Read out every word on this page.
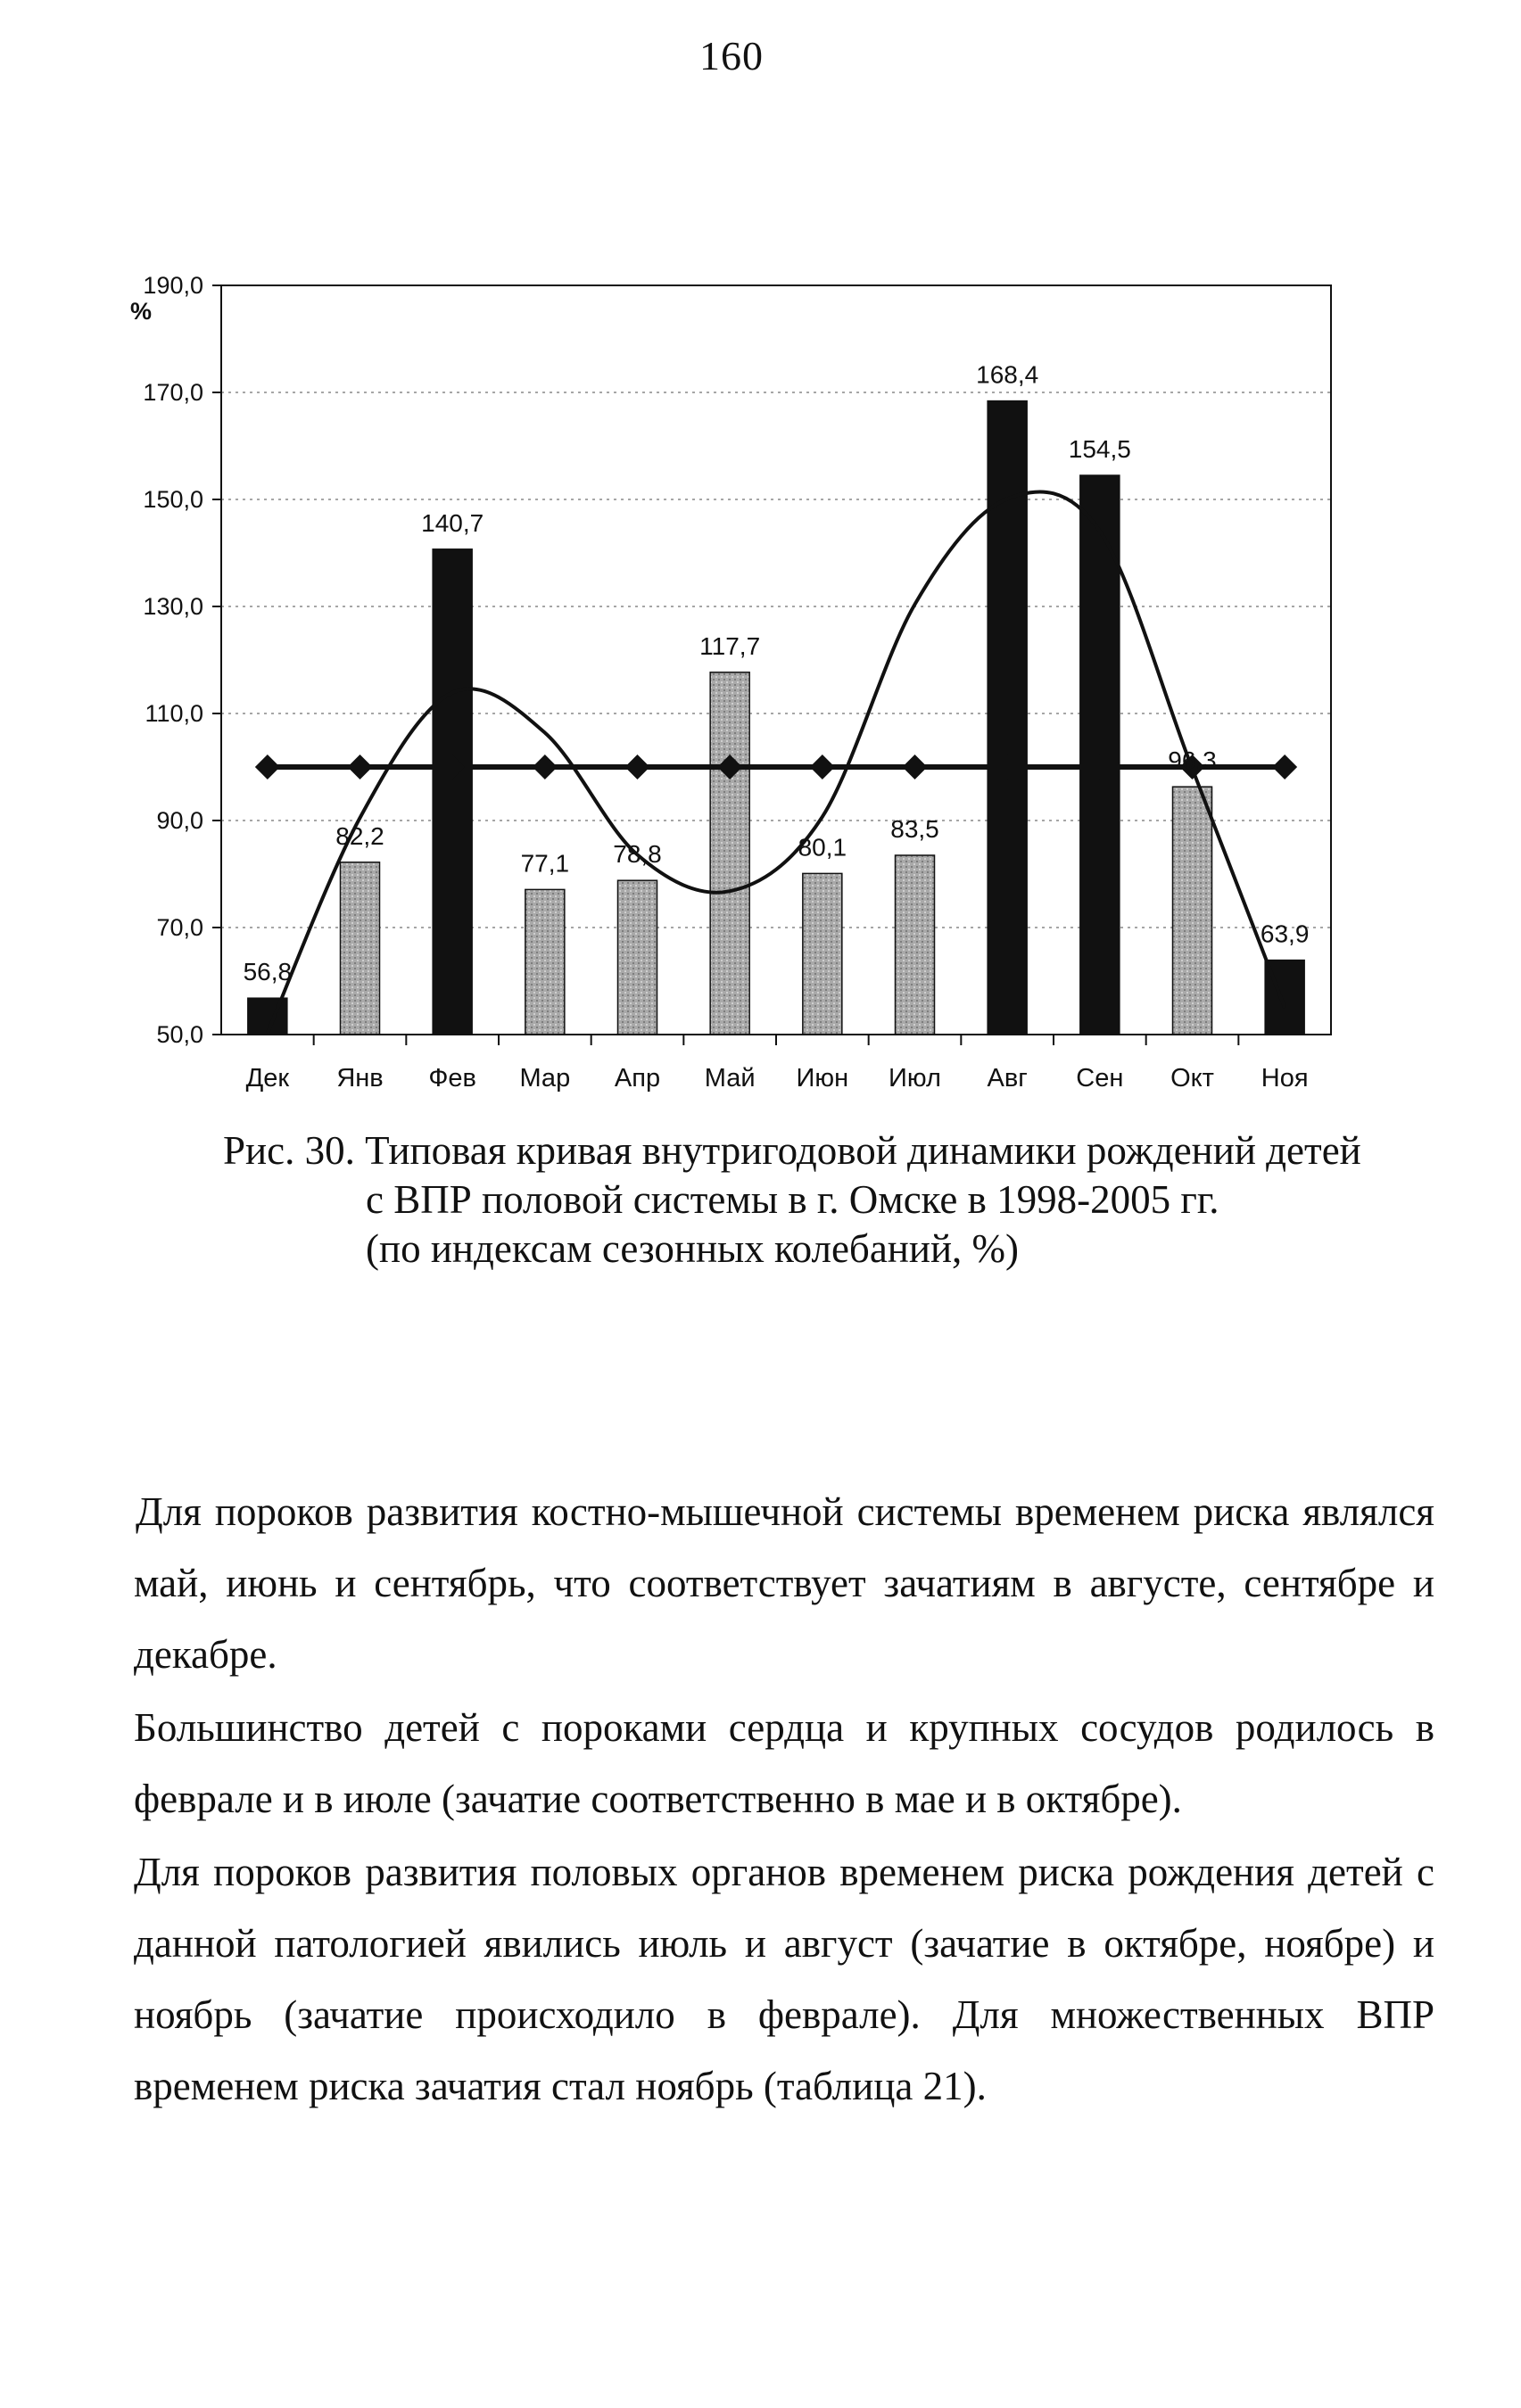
160
50,0
70,0
90,0
110,0
130,0
150,0
170,0
190,0
Дек Янв Фев Мар Апр Май Июн Июл Авг Сен Окт Ноя
56,8
82,2
140,7
77,1 78,8
117,7
80,1
83,5
168,4
154,5
96,3
63,9
%
Рис. 30. Типовая кривая внутригодовой динамики рождений детей
с ВПР половой системы в г. Омске в 1998-2005 гг.
(по индексам сезонных колебаний, %)

Для пороков развития костно-мышечной системы временем риска являлся май, июнь и сентябрь, что соответствует зачатиям в августе, сентябре и декабре.

Большинство детей с пороками сердца и крупных сосудов родилось в феврале и в июле (зачатие соответственно в мае и в октябре).

Для пороков развития половых органов временем риска рождения детей с данной патологией явились июль и август (зачатие в октябре, ноябре) и ноябрь (зачатие происходило в феврале). Для множественных ВПР временем риска зачатия стал ноябрь (таблица 21).
